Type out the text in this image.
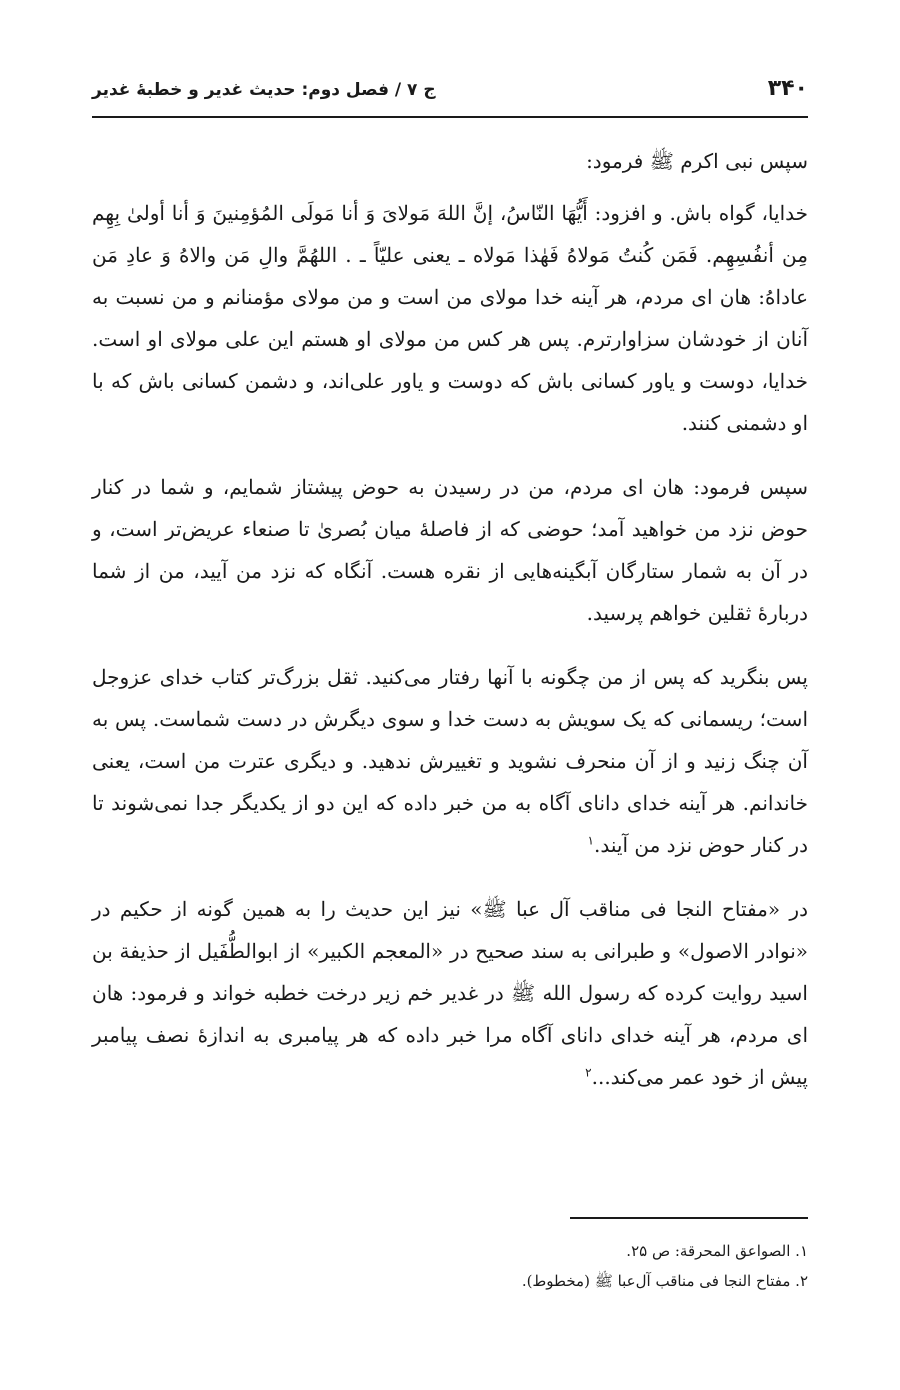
۳۴۰
ج ۷ / فصل دوم: حدیث غدیر و خطبهٔ غدیر

سپس نبی اکرم ﷺ فرمود:

خدایا، گواه باش. و افزود: أَیُّهَا النّاسُ، إنَّ اللهَ مَولایَ وَ أنا مَولَی المُؤمِنینَ وَ أنا أولیٰ بِهِم مِن أنفُسِهِم. فَمَن کُنتُ مَولاهُ فَهٰذا مَولاه ـ یعنی علیّاً ـ . اللهُمَّ والِ مَن والاهُ وَ عادِ مَن عاداهُ: هان ای مردم، هر آینه خدا مولای من است و من مولای مؤمنانم و من نسبت به آنان از خودشان سزاوارترم. پس هر کس من مولای او هستم این علی مولای او است. خدایا، دوست و یاور کسانی باش که دوست و یاور علی‌اند، و دشمن کسانی باش که با او دشمنی کنند.

سپس فرمود: هان ای مردم، من در رسیدن به حوض پیشتاز شمایم، و شما در کنار حوض نزد من خواهید آمد؛ حوضی که از فاصلهٔ میان بُصریٰ تا صنعاء عریض‌تر است، و در آن به شمار ستارگان آبگینه‌هایی از نقره هست. آنگاه که نزد من آیید، من از شما دربارهٔ ثقلین خواهم پرسید.

پس بنگرید که پس از من چگونه با آنها رفتار می‌کنید. ثقل بزرگ‌تر کتاب خدای عزوجل است؛ ریسمانی که یک سویش به دست خدا و سوی دیگرش در دست شماست. پس به آن چنگ زنید و از آن منحرف نشوید و تغییرش ندهید. و دیگری عترت من است، یعنی خاندانم. هر آینه خدای دانای آگاه به من خبر داده که این دو از یکدیگر جدا نمی‌شوند تا در کنار حوض نزد من آیند.$^۱$

در «مفتاح النجا فی مناقب آل عبا ﷺ» نیز این حدیث را به همین گونه از حکیم در «نوادر الاصول» و طبرانی به سند صحیح در «المعجم الکبیر» از ابوالطُّفَیل از حذیفة بن اسید روایت کرده که رسول الله ﷺ در غدیر خم زیر درخت خطبه خواند و فرمود: هان ای مردم، هر آینه خدای دانای آگاه مرا خبر داده که هر پیامبری به اندازهٔ نصف پیامبر پیش از خود عمر می‌کند...$^۲$

۱. الصواعق المحرقة: ص ۲۵.

۲. مفتاح النجا فی مناقب آل‌عبا ﷺ (مخطوط).
